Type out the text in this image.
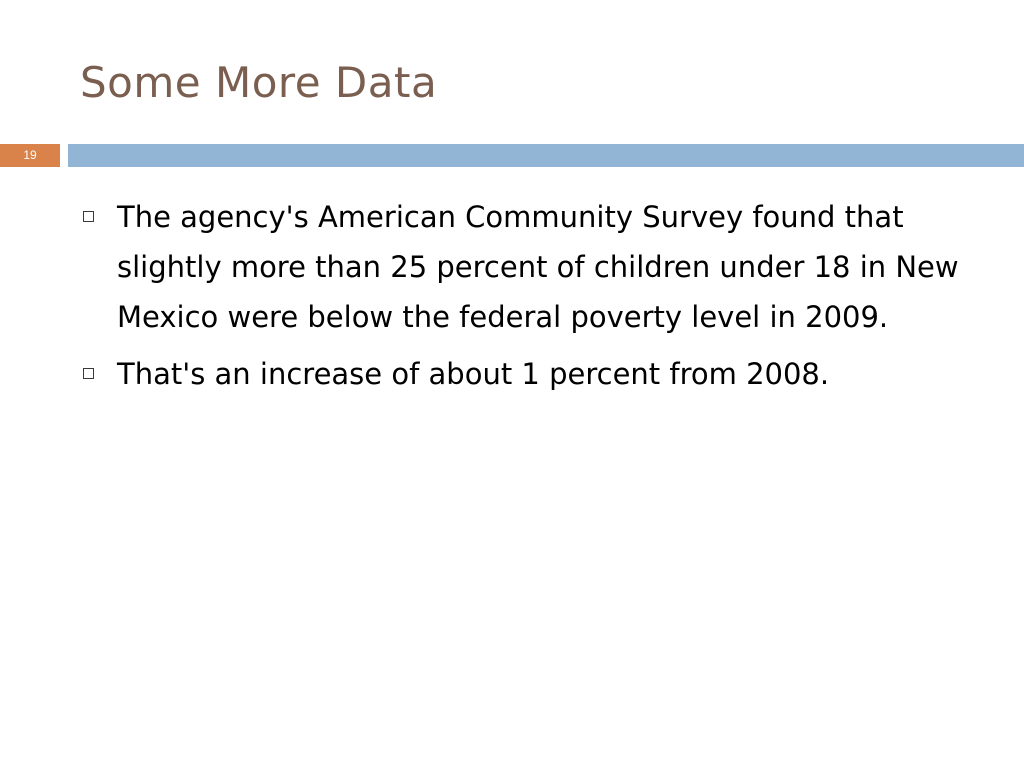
Some More Data
19
The agency's American Community Survey found that slightly more than 25 percent of children under 18 in New Mexico were below the federal poverty level in 2009.
That's an increase of about 1 percent from 2008.
